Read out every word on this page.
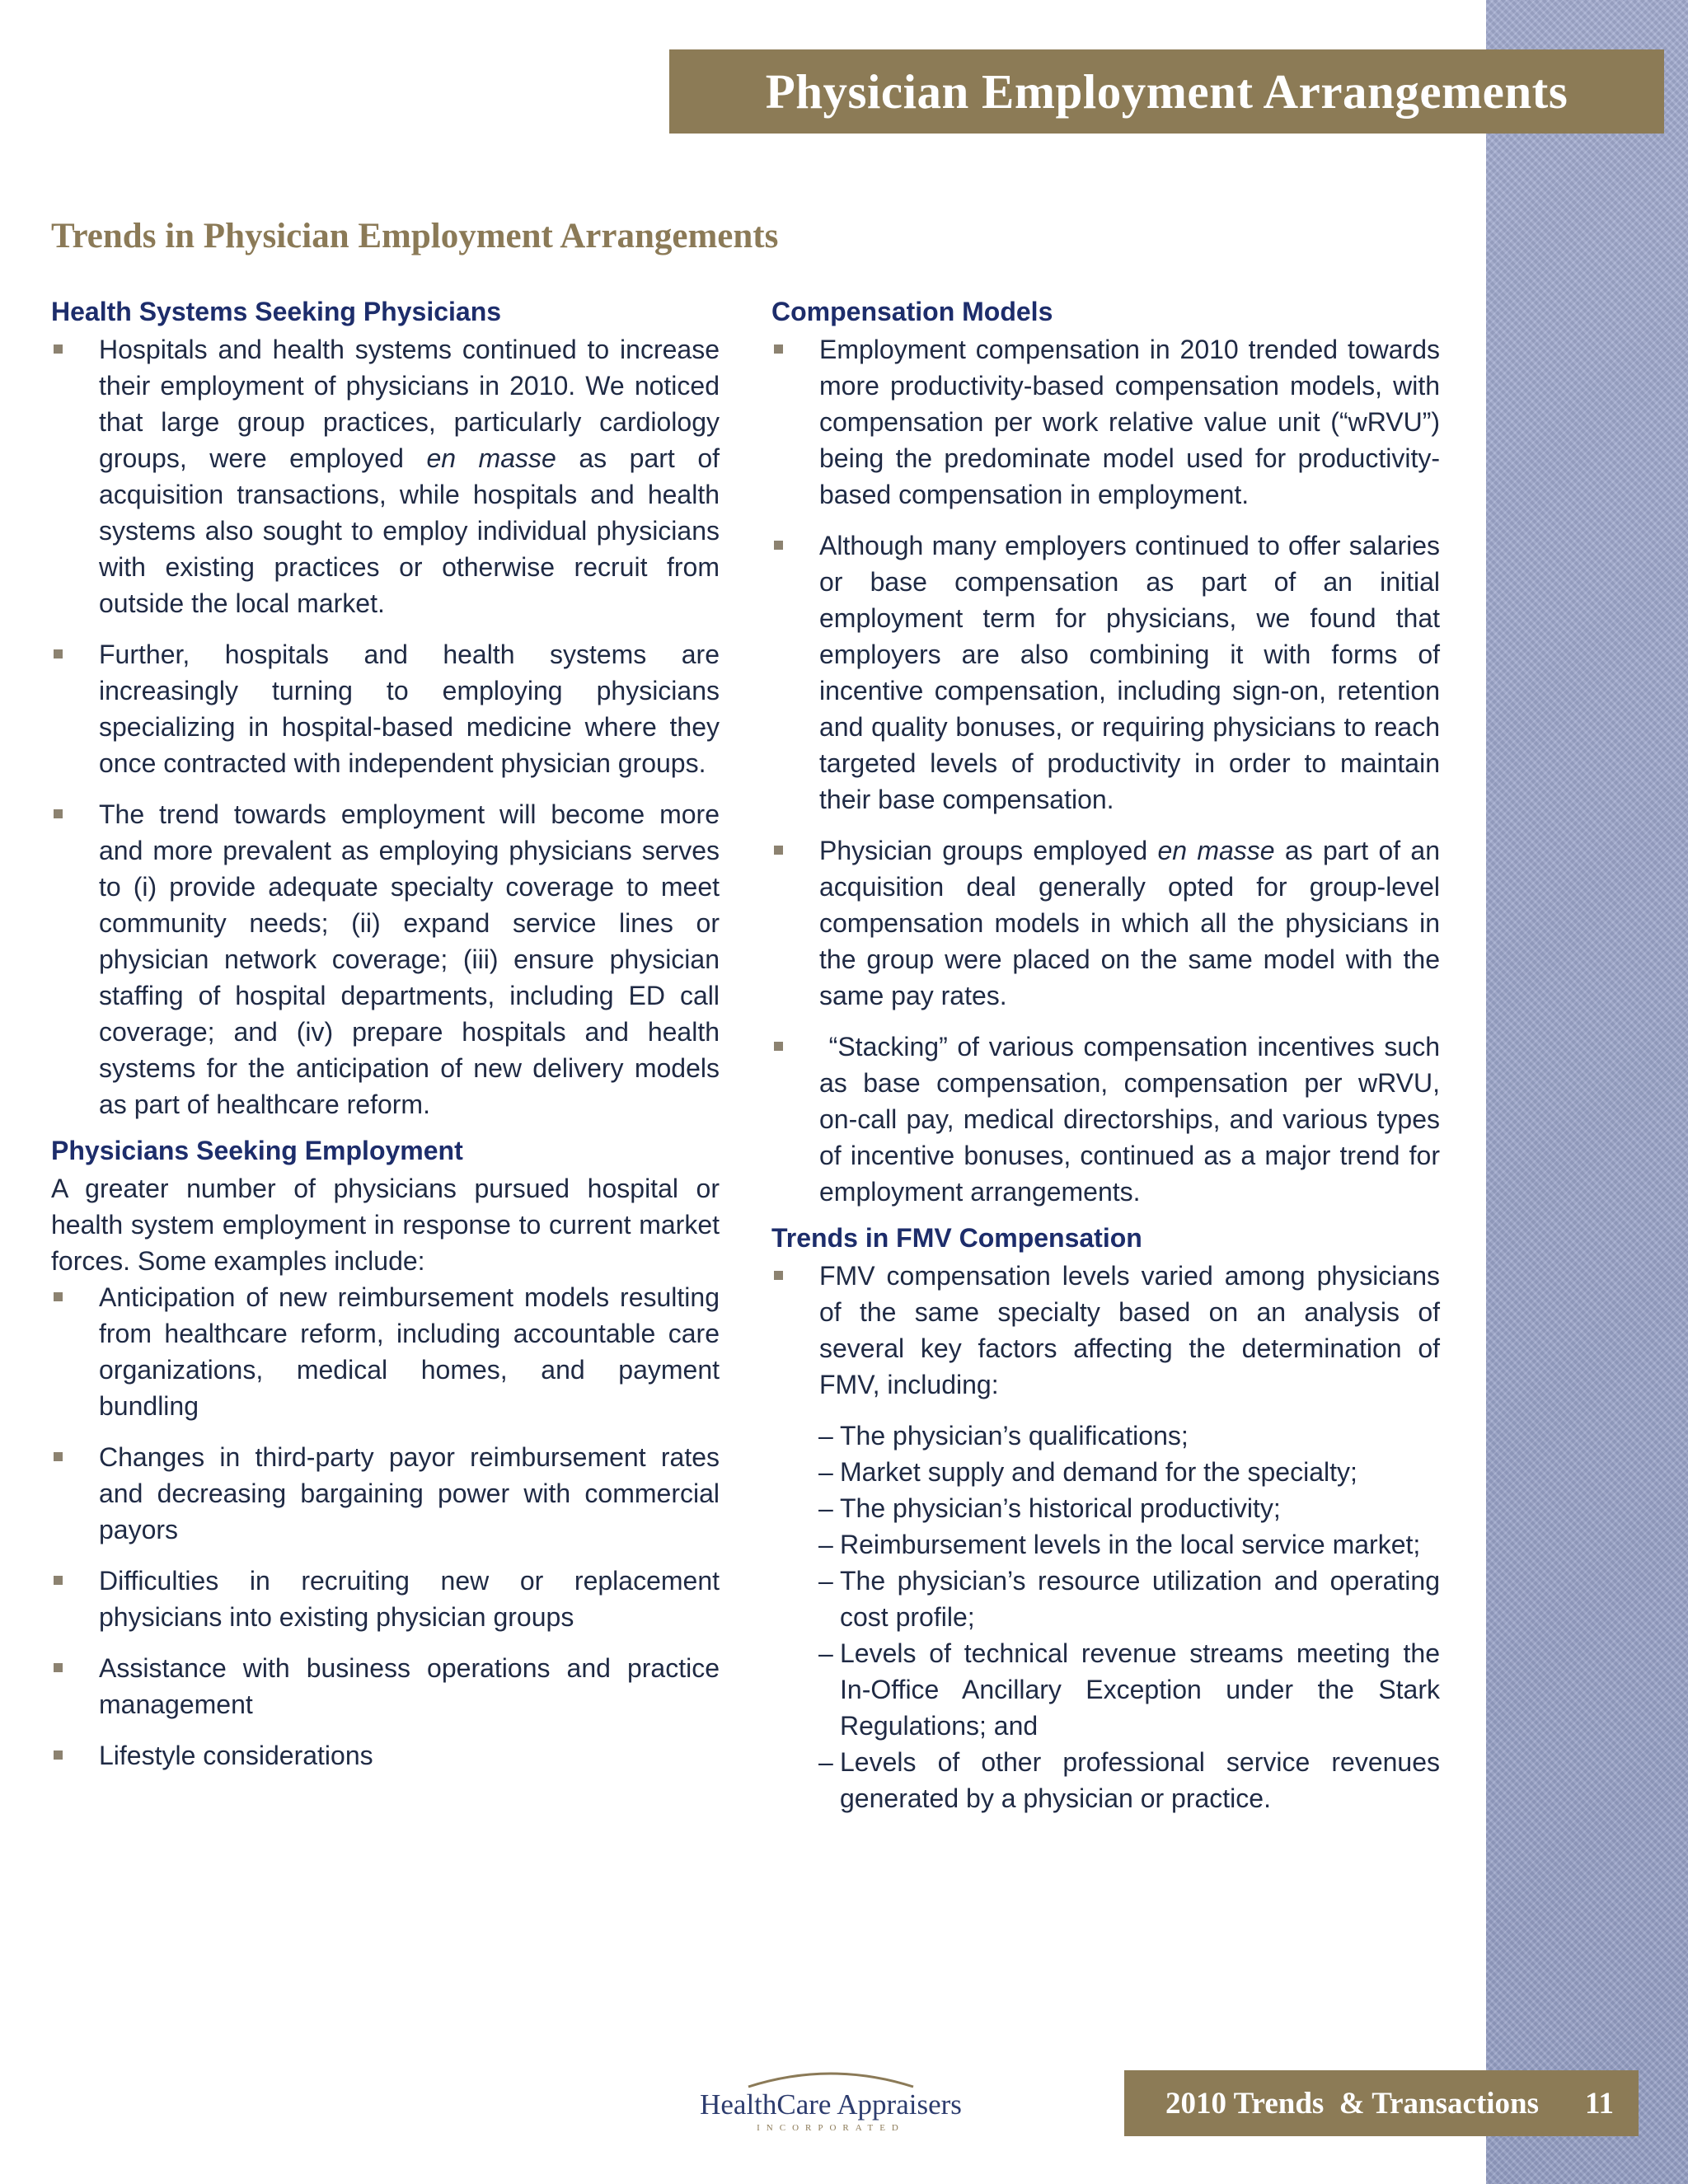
Physician Employment Arrangements
Trends in Physician Employment Arrangements
Health Systems Seeking Physicians
Hospitals and health systems continued to increase their employment of physicians in 2010. We noticed that large group practices, particularly cardiology groups, were employed en masse as part of acquisition transactions, while hospitals and health systems also sought to employ individual physicians with existing practices or otherwise recruit from outside the local market.
Further, hospitals and health systems are increasingly turning to employing physicians specializing in hospital-based medicine where they once contracted with independent physician groups.
The trend towards employment will become more and more prevalent as employing physicians serves to (i) provide adequate specialty coverage to meet community needs; (ii) expand service lines or physician network coverage; (iii) ensure physician staffing of hospital departments, including ED call coverage; and (iv) prepare hospitals and health systems for the anticipation of new delivery models as part of healthcare reform.
Physicians Seeking Employment
A greater number of physicians pursued hospital or health system employment in response to current market forces. Some examples include:
Anticipation of new reimbursement models resulting from healthcare reform, including accountable care organizations, medical homes, and payment bundling
Changes in third-party payor reimbursement rates and decreasing bargaining power with commercial payors
Difficulties in recruiting new or replacement physicians into existing physician groups
Assistance with business operations and practice management
Lifestyle considerations
Compensation Models
Employment compensation in 2010 trended towards more productivity-based compensation models, with compensation per work relative value unit (“wRVU”) being the predominate model used for productivity-based compensation in employment.
Although many employers continued to offer salaries or base compensation as part of an initial employment term for physicians, we found that employers are also combining it with forms of incentive compensation, including sign-on, retention and quality bonuses, or requiring physicians to reach targeted levels of productivity in order to maintain their base compensation.
Physician groups employed en masse as part of an acquisition deal generally opted for group-level compensation models in which all the physicians in the group were placed on the same model with the same pay rates.
“Stacking” of various compensation incentives such as base compensation, compensation per wRVU, on-call pay, medical directorships, and various types of incentive bonuses, continued as a major trend for employment arrangements.
Trends in FMV Compensation
FMV compensation levels varied among physicians of the same specialty based on an analysis of several key factors affecting the determination of FMV, including:
– The physician’s qualifications;
– Market supply and demand for the specialty;
– The physician’s historical productivity;
– Reimbursement levels in the local service market;
– The physician’s resource utilization and operating cost profile;
– Levels of technical revenue streams meeting the In-Office Ancillary Exception under the Stark Regulations; and
– Levels of other professional service revenues generated by a physician or practice.
HealthCare Appraisers
INCORPORATED
2010 Trends  & Transactions 11
